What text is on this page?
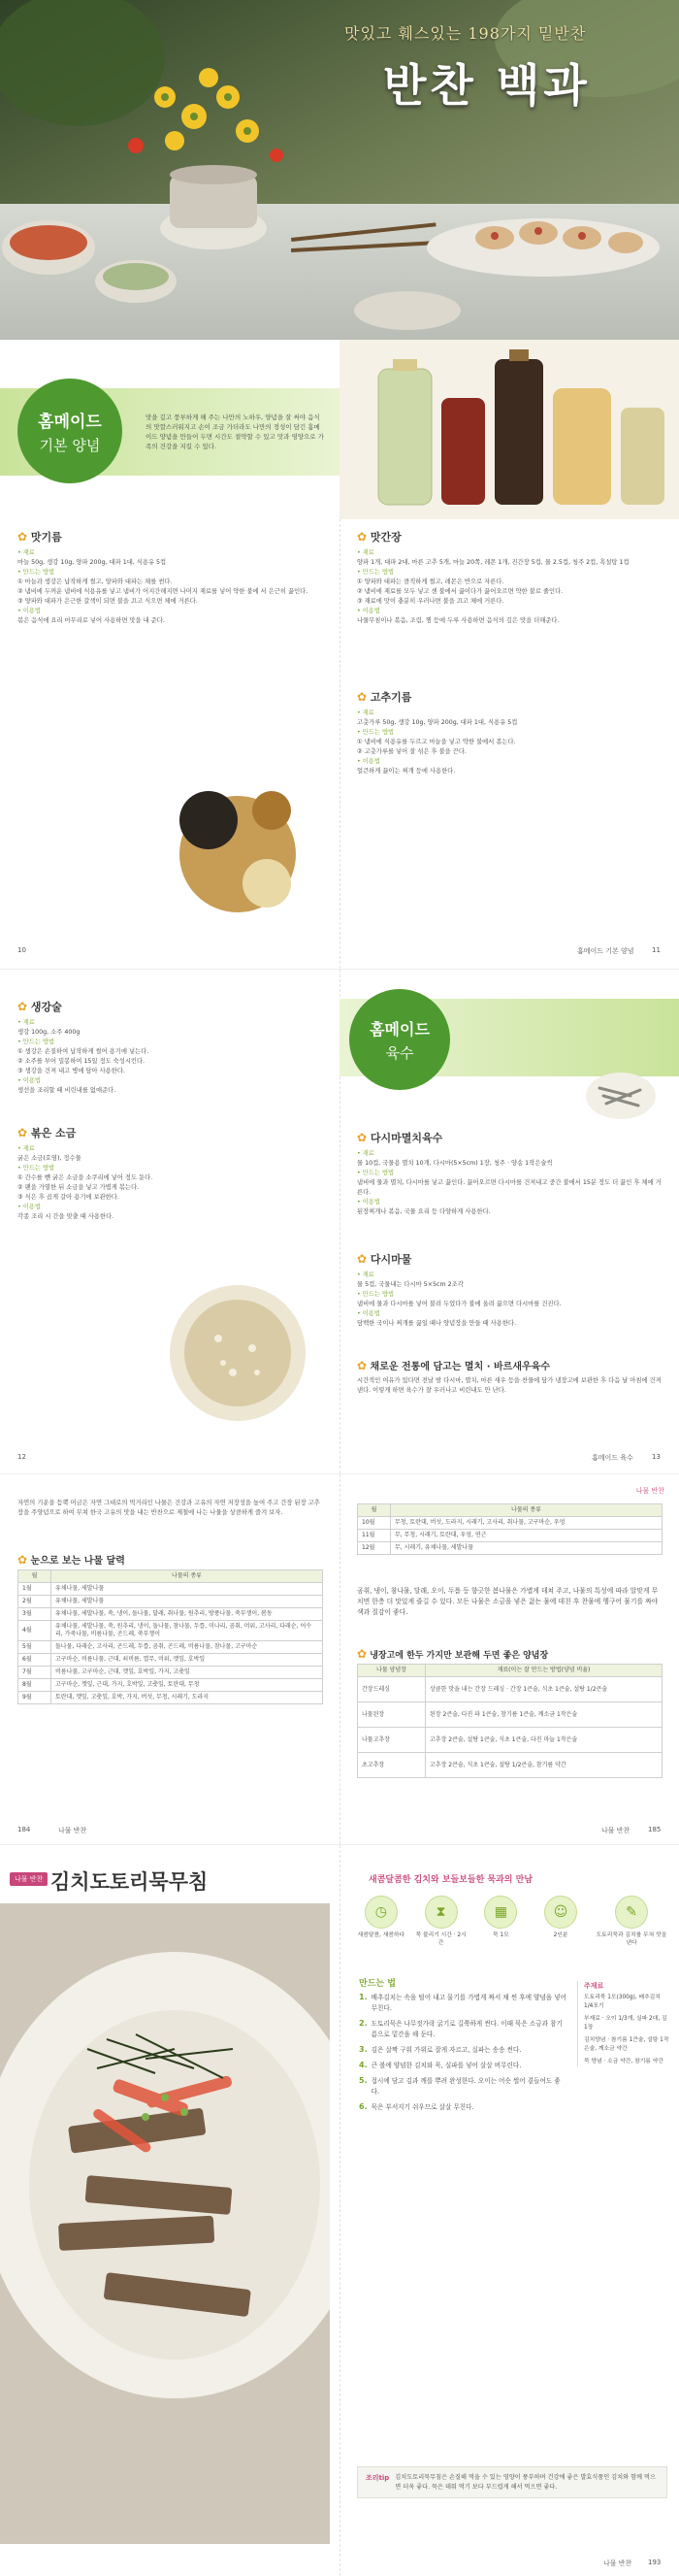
맛있고 훼스있는 198가지 밑반찬
반찬 백과
홈메이드
기본 양념
맛을 깊고 풍부하게 해 주는 나만의 노하우, 양념을 잘 써야 음식의 맛깔스러워지고 손이 조금 가더라도 나만의 정성이 담긴 홈메이드 양념을 만들어 두면 시간도 절약할 수 있고 맛과 영양으로 가족의 건강을 지킬 수 있다.
✿ 맛기름
• 재료
마늘 50g, 생강 10g, 양파 200g, 대파 1대, 식용유 5컵
• 만드는 방법
① 마늘과 생강은 납작하게 썰고, 양파와 대파는 채를 썬다.
② 냄비에 두꺼운 냄비에 식용유를 넣고 냄비가 어지간해지면 나머지 재료를 넣어 약한 불에 서 은근히 끓인다.
③ 양파와 대파가 은근한 갈색이 되면 불을 끄고 식으면 체에 거른다.
• 이용법
볶은 음식에 요리 마무리로 넣어 사용하면 맛을 내 준다.
✿ 맛간장
• 재료
양파 1개, 대파 2대, 마른 고추 5개, 마늘 20쪽, 레몬 1개, 진간장 5컵, 물 2.5컵, 청주 2컵, 흑설탕 1컵
• 만드는 방법
① 양파와 대파는 큼직하게 썰고, 레몬은 반으로 자른다.
② 냄비에 재료를 모두 넣고 센 불에서 끓이다가 끓어오르면 약한 불로 줄인다.
③ 재료에 맛이 충분히 우러나면 불을 끄고 체에 거른다.
• 이용법
나물무침이나 볶음, 조림, 찜 등에 두루 사용하면 음식의 깊은 맛을 더해준다.
✿ 고추기름
• 재료
고춧가루 50g, 생강 10g, 양파 200g, 대파 1대, 식용유 5컵
• 만드는 방법
① 냄비에 식용유를 두르고 마늘을 넣고 약한 불에서 볶는다.
② 고춧가루를 넣어 잘 섞은 후 불을 끈다.
• 이용법
얼큰하게 끓이는 찌개 등에 사용한다.
10	홈메이드 기본 양념	11
홈메이드
육수
✿ 생강술
• 재료
생강 100g, 소주 400g
• 만드는 방법
① 생강은 손질하여 납작하게 썰어 용기에 넣는다.
② 소주를 부어 밀봉하여 15일 정도 숙성시킨다.
③ 생강을 건져 내고 병에 담아 사용한다.
• 이용법
생선을 조리할 때 비린내를 없애준다.
✿ 볶은 소금
• 재료
굵은 소금(호염), 정수물
• 만드는 방법
① 간수를 뺀 굵은 소금을 소쿠리에 넣어 정도 둔다.
② 팬을 가열한 뒤 소금을 넣고 가볍게 볶는다.
③ 식은 후 곱게 갈아 용기에 보관한다.
• 이용법
각종 조리 시 간을 맞출 때 사용한다.
✿ 다시마멸치육수
• 재료
물 10컵, 국물용 멸치 10개, 다시마(5×5cm) 1장, 청주 · 양송 1작은술씩
• 만드는 방법
냄비에 물과 멸치, 다시마를 넣고 끓인다. 끓어오르면 다시마를 건져내고 중간 불에서 15분 정도 더 끓인 후 체에 거른다.
• 이용법
된장찌개나 볶음, 국물 요리 등 다양하게 사용한다.
✿ 다시마물
• 재료
물 5컵, 국물내는 다시마 5×5cm 2조각
• 만드는 방법
냄비에 물과 다시마를 넣어 불려 두었다가 불에 올려 끓으면 다시마를 건진다.
• 이용법
담백한 국이나 찌개를 끓일 때나 양념장을 만들 때 사용한다.
✿ 채로운 전통에 담고는 멸치 · 바르새우육수
시간적인 여유가 있다면 전날 밤 다시마, 멸치, 마른 새우 등을 찬물에 담가 냉장고에 보관한 후 다음 날 아침에 건져 낸다. 이렇게 하면 육수가 잘 우러나고 비린내도 안 난다.
12	홈메이드 육수	13
나물 반찬
자연의 기운을 듬뿍 머금은 자연 그대로의 먹거리인 나물은 건강과 고유의 자연 저장성을 높여 주고 간장 된장 고추장을 주양념으로 하여 무쳐 한국 고유의 맛을 내는 반찬으로 제철에 나는 나물을 상큼하게 즐겨 보자.
✿ 눈으로 보는 나물 달력
월	나물의 종류
1월	유채나물, 세발나물
2월	유채나물, 세발나물
3월	유채나물, 세발나물, 쑥, 냉이, 돌나물, 달래, 취나물, 원추리, 방풍나물, 쑥부쟁이, 봄동
4월	유채나물, 세발나물, 쑥, 원추리, 냉이, 돌나물, 참나물, 두릅, 미나리, 곰취, 머위, 고사리, 다래순, 어수리, 가죽나물, 비름나물, 곤드레, 쑥부쟁이
5월	돌나물, 다래순, 고사리, 곤드레, 두릅, 곰취, 곤드레, 비름나물, 참나물, 고구마순
6월	고구마순, 비름나물, 근대, 쇠비름, 열무, 머위, 깻잎, 호박잎
7월	비름나물, 고구마순, 근대, 깻잎, 호박잎, 가지, 고춧잎
8월	고구마순, 깻잎, 근대, 가지, 호박잎, 고춧잎, 토란대, 무청
9월	토란대, 깻잎, 고춧잎, 호박, 가지, 버섯, 무청, 시래기, 도라지
월	나물의 종류
10월	무청, 토란대, 버섯, 도라지, 시래기, 고사리, 취나물, 고구마순, 우엉
11월	무, 무청, 시래기, 토란대, 우엉, 연근
12월	무, 시래기, 유채나물, 세발나물
곰취, 냉이, 참나물, 달래, 오이, 두릅 등 향긋한 봄나물은 가볍게 데쳐 주고, 나물의 특성에 따라 알맞게 무치면 한층 더 맛있게 즐길 수 있다. 모든 나물은 소금을 넣은 끓는 물에 데친 후 찬물에 헹구어 물기를 짜야 색과 질감이 좋다.
✿ 냉장고에 한두 가지만 보관해 두면 좋은 양념장
나물 양념장	재료(이는 잘 만드는 방법(양념 비율)
간장드레싱	상큼한 맛을 내는 간장 드레싱 · 간장 1큰술, 식초 1큰술, 설탕 1/2큰술
나물된장	된장 2큰술, 다진 파 1큰술, 참기름 1큰술, 깨소금 1작은술
나물고추장	고추장 2큰술, 설탕 1큰술, 식초 1큰술, 다진 마늘 1작은술
초고추장	고추장 2큰술, 식초 1큰술, 설탕 1/2큰술, 참기름 약간
184	나물 반찬	나물 반찬	185
나물 반찬 김치도토리묵무침	새콤달콤한 김치와 보들보들한 묵과의 만남
◷
새콤달콤, 새콤하다
⧗
묵 불리기 시간 · 2시간
▦
묵 1모
☺
2인분
✎
도토리묵과 김치를 무쳐 맛을 낸다
만드는 법
1. 배추김치는 속을 털어 내고 물기를 가볍게 짜서 채 썬 후에 양념을 넣어 무친다.
2. 도토리묵은 나무젓가락 굵기로 길쭉하게 썬다. 이때 묵은 소금과 참기름으로 밑간을 해 둔다.
3. 김은 살짝 구워 가위로 잘게 자르고, 실파는 송송 썬다.
4. 큰 볼에 양념한 김치와 묵, 실파를 넣어 살살 버무린다.
5. 접시에 담고 김과 깨를 뿌려 완성한다. 오이는 어슷 썰어 곁들여도 좋다.
6. 묵은 부서지기 쉬우므로 살살 무친다.
주재료
도토리묵 1모(300g), 배추김치 1/4포기
부재료 · 오이 1/3개, 실파 2대, 김 1장
김치양념 · 참기름 1큰술, 설탕 1작은술, 깨소금 약간
묵 양념 · 소금 약간, 참기름 약간
조리tip 김치도토리묵무침은 손질해 먹을 수 있는 영양이 풍부하며 건강에 좋은 발효식품인 김치와 함께 먹으면 더욱 좋다. 묵은 데워 먹기 보다 부드럽게 해서 먹으면 좋다.
192	나물 반찬 193
